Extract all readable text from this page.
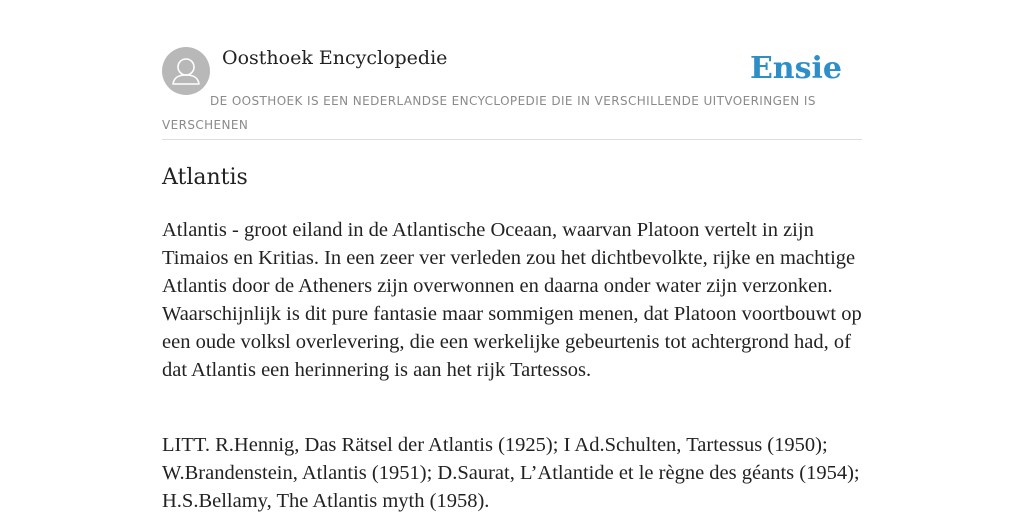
Oosthoek Encyclopedie	Ensie
DE OOSTHOEK IS EEN NEDERLANDSE ENCYCLOPEDIE DIE IN VERSCHILLENDE UITVOERINGEN IS VERSCHENEN
Atlantis

Atlantis - groot eiland in de Atlantische Oceaan, waarvan Platoon vertelt in zijn Timaios en Kritias. In een zeer ver verleden zou het dichtbevolkte, rijke en machtige Atlantis door de Atheners zijn overwonnen en daarna onder water zijn verzonken. Waarschijnlijk is dit pure fantasie maar sommigen menen, dat Platoon voortbouwt op een oude volksl overlevering, die een werkelijke gebeurtenis tot achtergrond had, of dat Atlantis een herinnering is aan het rijk Tartessos.

LITT. R.Hennig, Das Rätsel der Atlantis (1925); I Ad.Schulten, Tartessus (1950); W.Brandenstein, Atlantis (1951); D.Saurat, L’Atlantide et le règne des géants (1954); H.S.Bellamy, The Atlantis myth (1958).
